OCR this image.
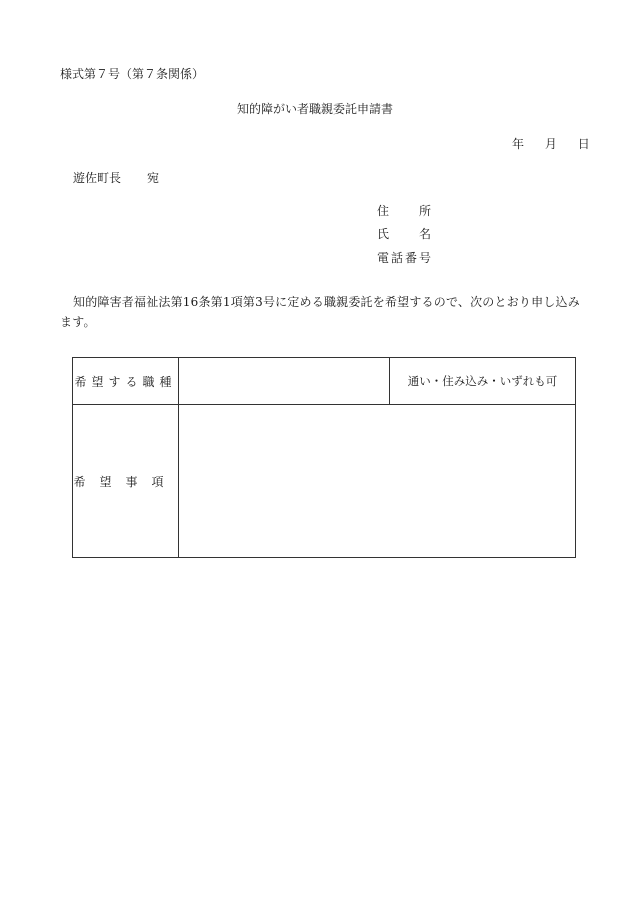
様式第７号（第７条関係）
知的障がい者職親委託申請書
年 月 日
遊佐町長 宛
住　所
氏　名
電話番号
知的障害者福祉法第16条第1項第3号に定める職親委託を希望するので、次のとおり申し込みます。
希望する職種		通い・住み込み・いずれも可
希望事項		
